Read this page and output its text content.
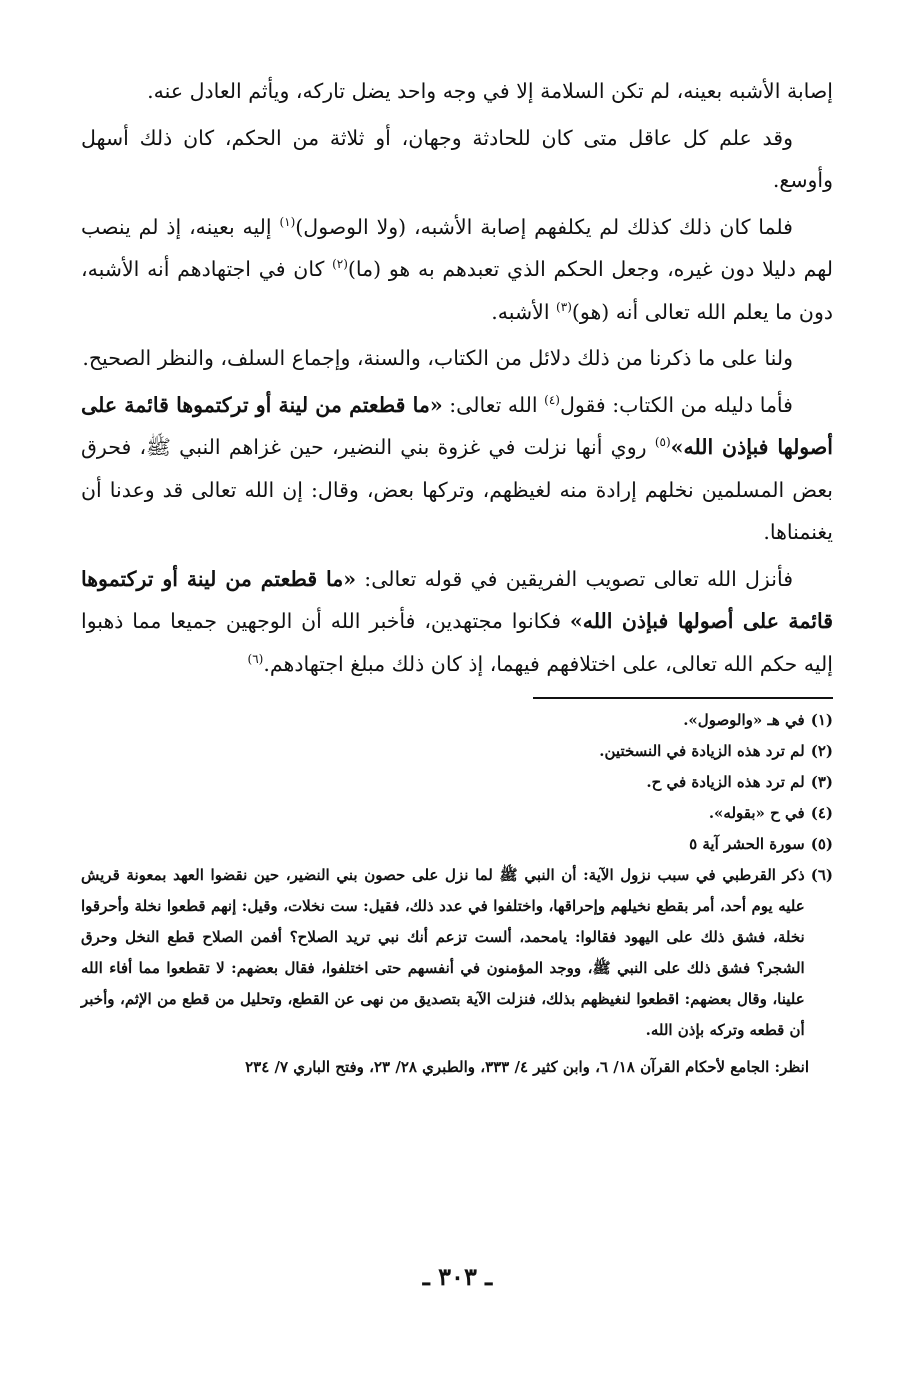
إصابة الأشبه بعينه، لم تكن السلامة إلا في وجه واحد يضل تاركه، ويأثم العادل عنه.

وقد علم كل عاقل متى كان للحادثة وجهان، أو ثلاثة من الحكم، كان ذلك أسهل وأوسع.

فلما كان ذلك كذلك لم يكلفهم إصابة الأشبه، (ولا الوصول)$^{(١)}$ إليه بعينه، إذ لم ينصب لهم دليلا دون غيره، وجعل الحكم الذي تعبدهم به هو (ما)$^{(٢)}$ كان في اجتهادهم أنه الأشبه، دون ما يعلم الله تعالى أنه (هو)$^{(٣)}$ الأشبه.

ولنا على ما ذكرنا من ذلك دلائل من الكتاب، والسنة، وإجماع السلف، والنظر الصحيح.

فأما دليله من الكتاب: فقول$^{(٤)}$ الله تعالى: «ما قطعتم من لينة أو تركتموها قائمة على أصولها فبإذن الله»$^{(٥)}$ روي أنها نزلت في غزوة بني النضير، حين غزاهم النبي ﷺ، فحرق بعض المسلمين نخلهم إرادة منه لغيظهم، وتركها بعض، وقال: إن الله تعالى قد وعدنا أن يغنمناها.

فأنزل الله تعالى تصويب الفريقين في قوله تعالى: «ما قطعتم من لينة أو تركتموها قائمة على أصولها فبإذن الله» فكانوا مجتهدين، فأخبر الله أن الوجهين جميعا مما ذهبوا إليه حكم الله تعالى، على اختلافهم فيهما، إذ كان ذلك مبلغ اجتهادهم.$^{(٦)}$

(١)
في هـ «والوصول».
(٢)
لم ترد هذه الزيادة في النسختين.
(٣)
لم ترد هذه الزيادة في ح.
(٤)
في ح «بقوله».
(٥)
سورة الحشر آية ٥
(٦)
ذكر القرطبي في سبب نزول الآية: أن النبي ﷺ لما نزل على حصون بني النضير، حين نقضوا العهد بمعونة قريش عليه يوم أحد، أمر بقطع نخيلهم وإحراقها، واختلفوا في عدد ذلك، فقيل: ست نخلات، وقيل: إنهم قطعوا نخلة وأحرقوا نخلة، فشق ذلك على اليهود فقالوا: يامحمد، ألست تزعم أنك نبي تريد الصلاح؟ أفمن الصلاح قطع النخل وحرق الشجر؟ فشق ذلك على النبي ﷺ، ووجد المؤمنون في أنفسهم حتى اختلفوا، فقال بعضهم: لا تقطعوا مما أفاء الله علينا، وقال بعضهم: اقطعوا لنغيظهم بذلك، فنزلت الآية بتصديق من نهى عن القطع، وتحليل من قطع من الإثم، وأخبر أن قطعه وتركه بإذن الله.
انظر: الجامع لأحكام القرآن ١٨/ ٦، وابن كثير ٤/ ٣٣٣، والطبري ٢٨/ ٢٣، وفتح الباري ٧/ ٢٣٤
ـ ٣٠٣ ـ
